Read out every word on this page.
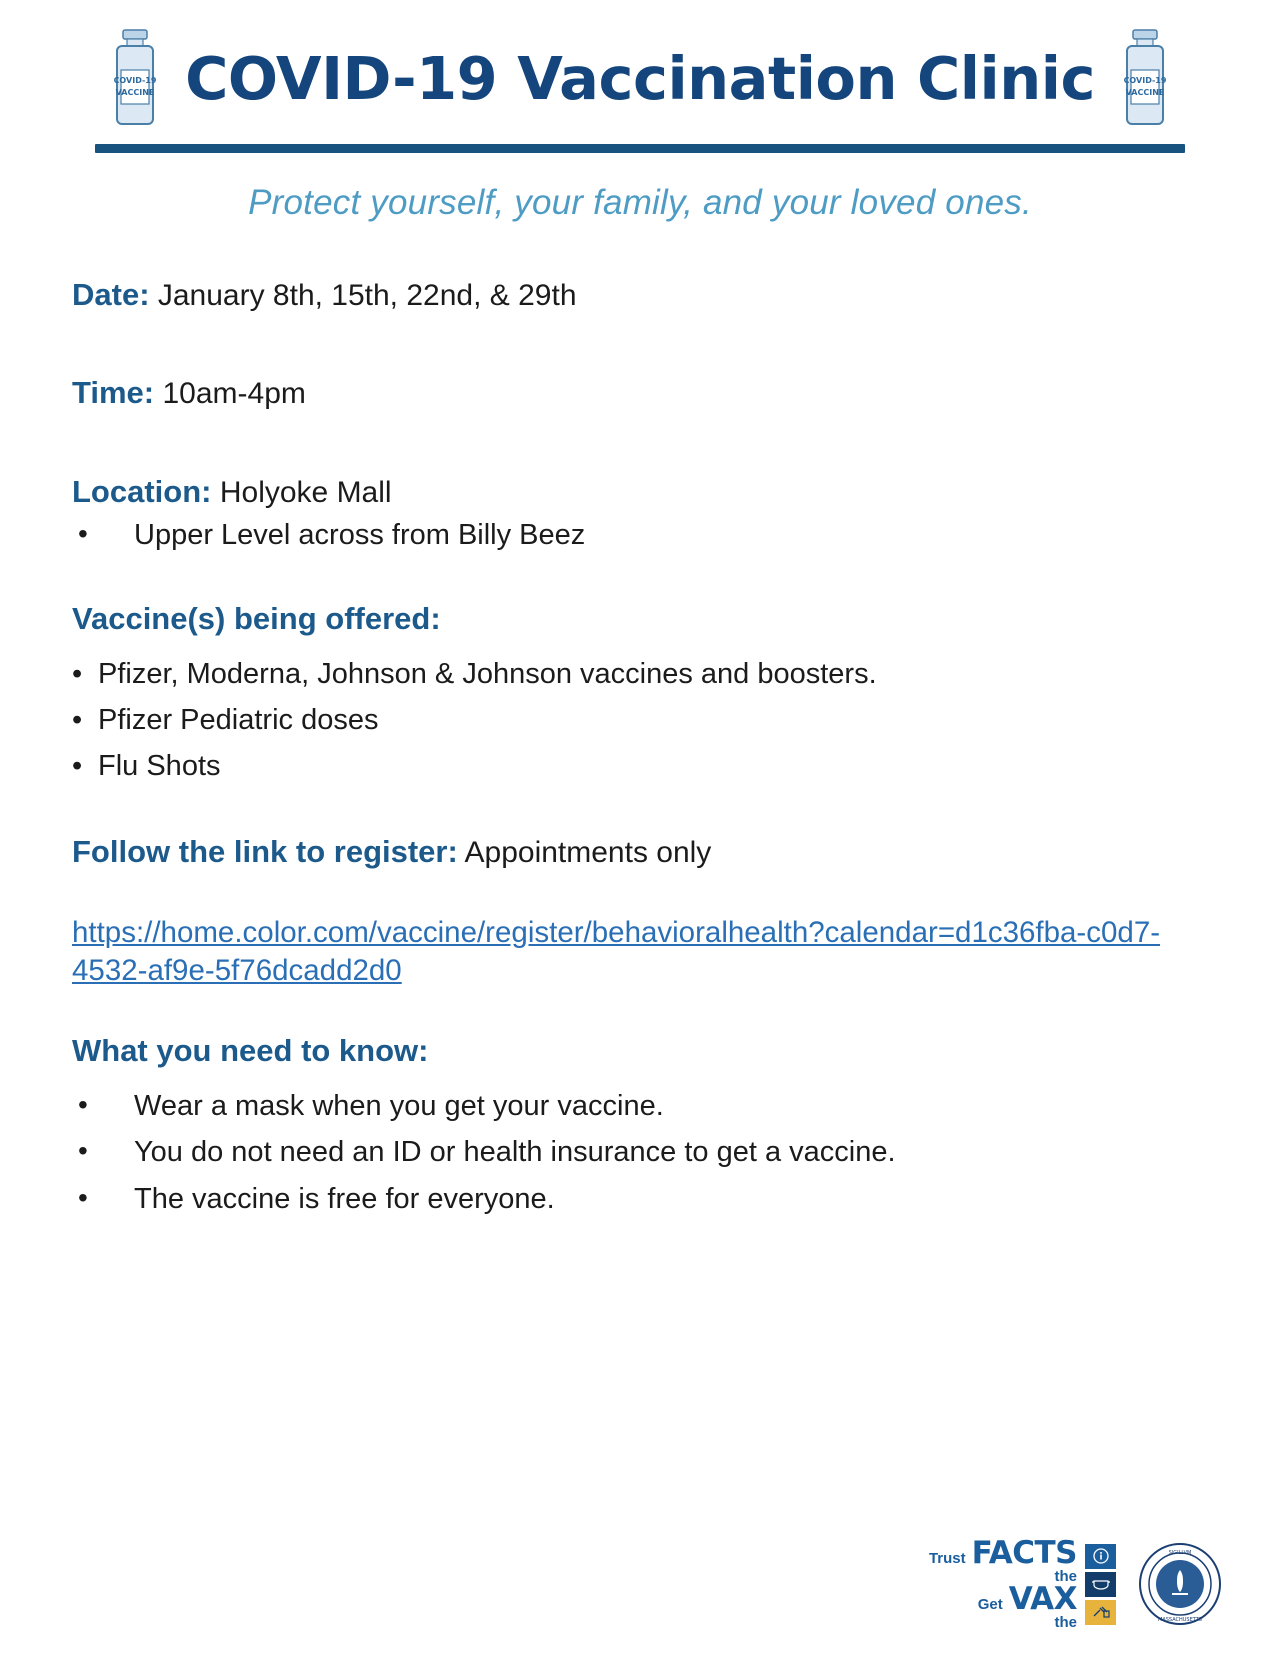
COVID-19
VACCINE COVID-19 Vaccination Clinic	COVID-19
VACCINE
Protect yourself, your family, and your loved ones.

Date: January 8th, 15th, 22nd, & 29th

Time: 10am-4pm

Location: Holyoke Mall

• Upper Level across from Billy Beez

Vaccine(s) being offered:

• Pfizer, Moderna, Johnson & Johnson vaccines and boosters.
• Pfizer Pediatric doses
• Flu Shots

Follow the link to register: Appointments only

https://home.color.com/vaccine/register/behavioralhealth?calendar=d1c36fba-c0d7-4532-af9e-5f76dcadd2d0

What you need to know:

• Wear a mask when you get your vaccine.
• You do not need an ID or health insurance to get a vaccine.
• The vaccine is free for everyone.
Trust FACTS
the
Get VAX
the
SIGILLVM
MASSACHUSETTS
